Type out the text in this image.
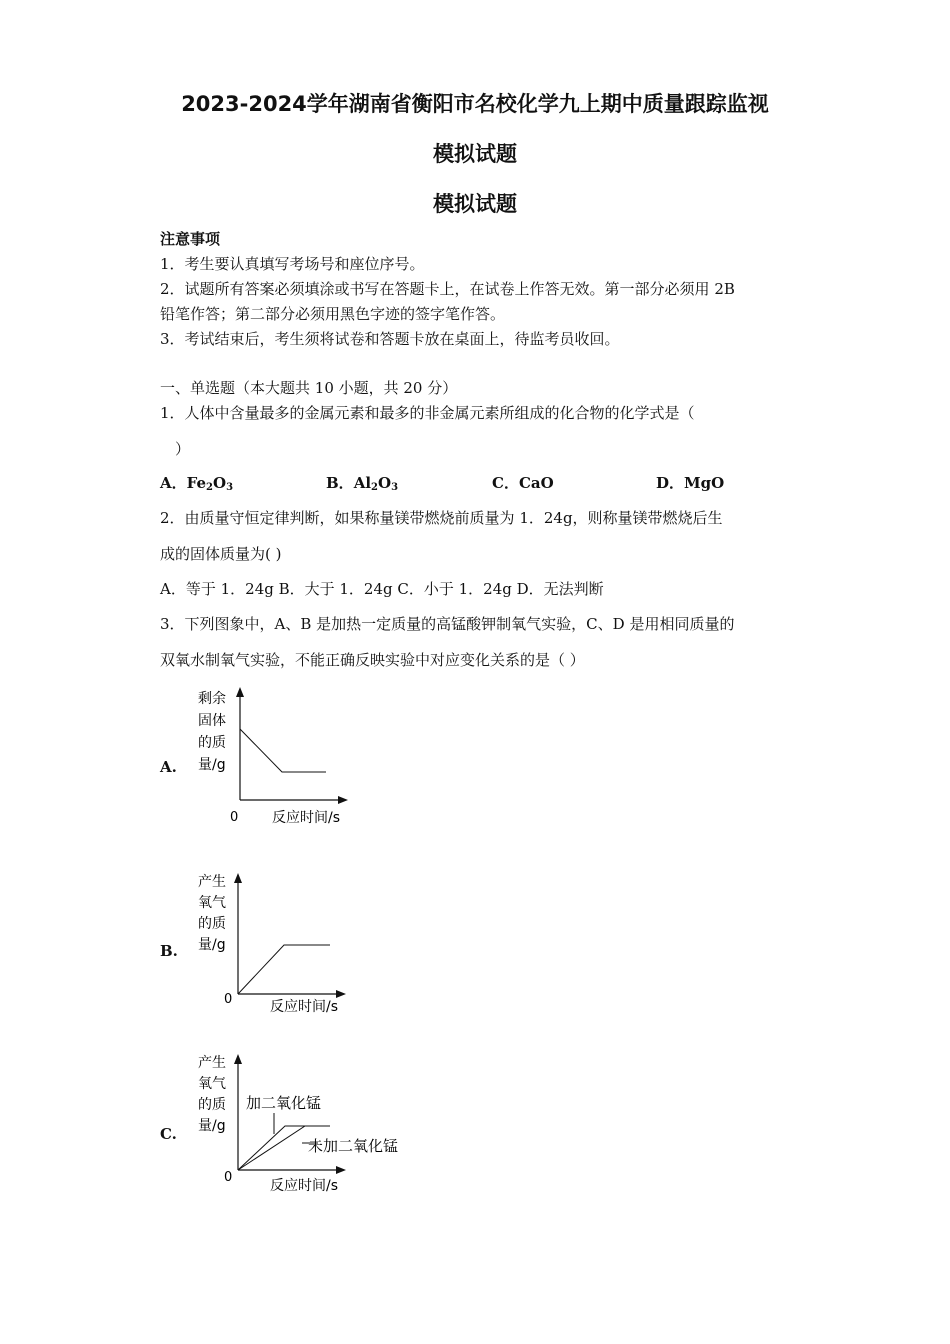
2023-2024学年湖南省衡阳市名校化学九上期中质量跟踪监视
模拟试题
模拟试题
注意事项
1．考生要认真填写考场号和座位序号。
2．试题所有答案必须填涂或书写在答题卡上，在试卷上作答无效。第一部分必须用 2B
铅笔作答；第二部分必须用黑色字迹的签字笔作答。
3．考试结束后，考生须将试卷和答题卡放在桌面上，待监考员收回。
一、单选题（本大题共 10 小题，共 20 分）
1．人体中含量最多的金属元素和最多的非金属元素所组成的化合物的化学式是（
）
A．$Fe_2O_3$	B．$Al_2O_3$	C．CaO	D．MgO
2．由质量守恒定律判断，如果称量镁带燃烧前质量为 1．24g，则称量镁带燃烧后生
成的固体质量为( )
A．等于 1．24g B．大于 1．24g C．小于 1．24g D．无法判断
3．下列图象中，A、B 是加热一定质量的高锰酸钾制氧气实验，C、D 是用相同质量的
双氧水制氧气实验，不能正确反映实验中对应变化关系的是（ ）
A.
剩余
固体
的质
量/g
0 反应时间/s
B.
产生
氧气
的质
量/g
0	反应时间/s
C.
产生
氧气
的质
量/g
加二氧化锰
未加二氧化锰
0
反应时间/s
